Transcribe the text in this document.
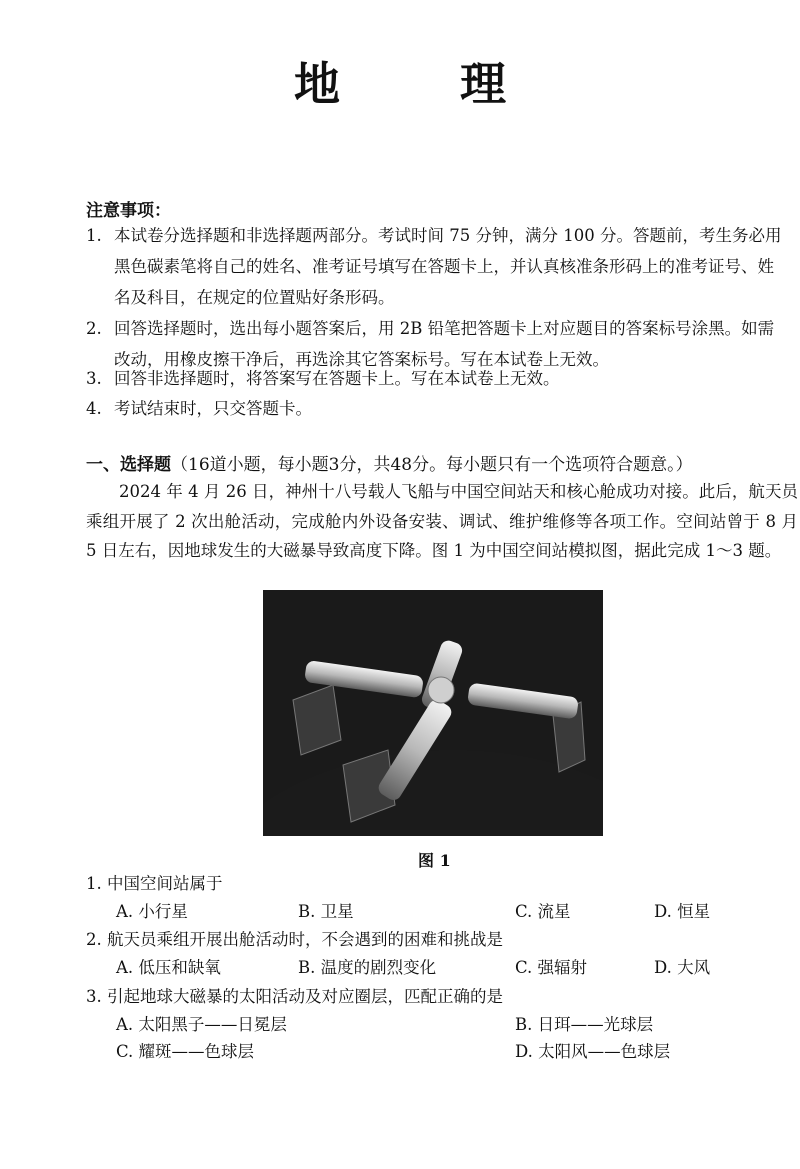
地 理
注意事项：
1. 本试卷分选择题和非选择题两部分。考试时间 75 分钟，满分 100 分。答题前，考生务必用黑色碳素笔将自己的姓名、准考证号填写在答题卡上，并认真核准条形码上的准考证号、姓名及科目，在规定的位置贴好条形码。
2. 回答选择题时，选出每小题答案后，用 2B 铅笔把答题卡上对应题目的答案标号涂黑。如需改动，用橡皮擦干净后，再选涂其它答案标号。写在本试卷上无效。
3. 回答非选择题时，将答案写在答题卡上。写在本试卷上无效。
4. 考试结束时，只交答题卡。
一、选择题（16道小题，每小题3分，共48分。每小题只有一个选项符合题意。）
2024 年 4 月 26 日，神州十八号载人飞船与中国空间站天和核心舱成功对接。此后，航天员乘组开展了 2 次出舱活动，完成舱内外设备安装、调试、维护维修等各项工作。空间站曾于 8 月 5 日左右，因地球发生的大磁暴导致高度下降。图 1 为中国空间站模拟图，据此完成 1～3 题。
图 1
1. 中国空间站属于
A. 小行星	B. 卫星	C. 流星	D. 恒星
2. 航天员乘组开展出舱活动时，不会遇到的困难和挑战是
A. 低压和缺氧	B. 温度的剧烈变化	C. 强辐射	D. 大风
3. 引起地球大磁暴的太阳活动及对应圈层，匹配正确的是
A. 太阳黑子——日冕层	B. 日珥——光球层
C. 耀斑——色球层	D. 太阳风——色球层
